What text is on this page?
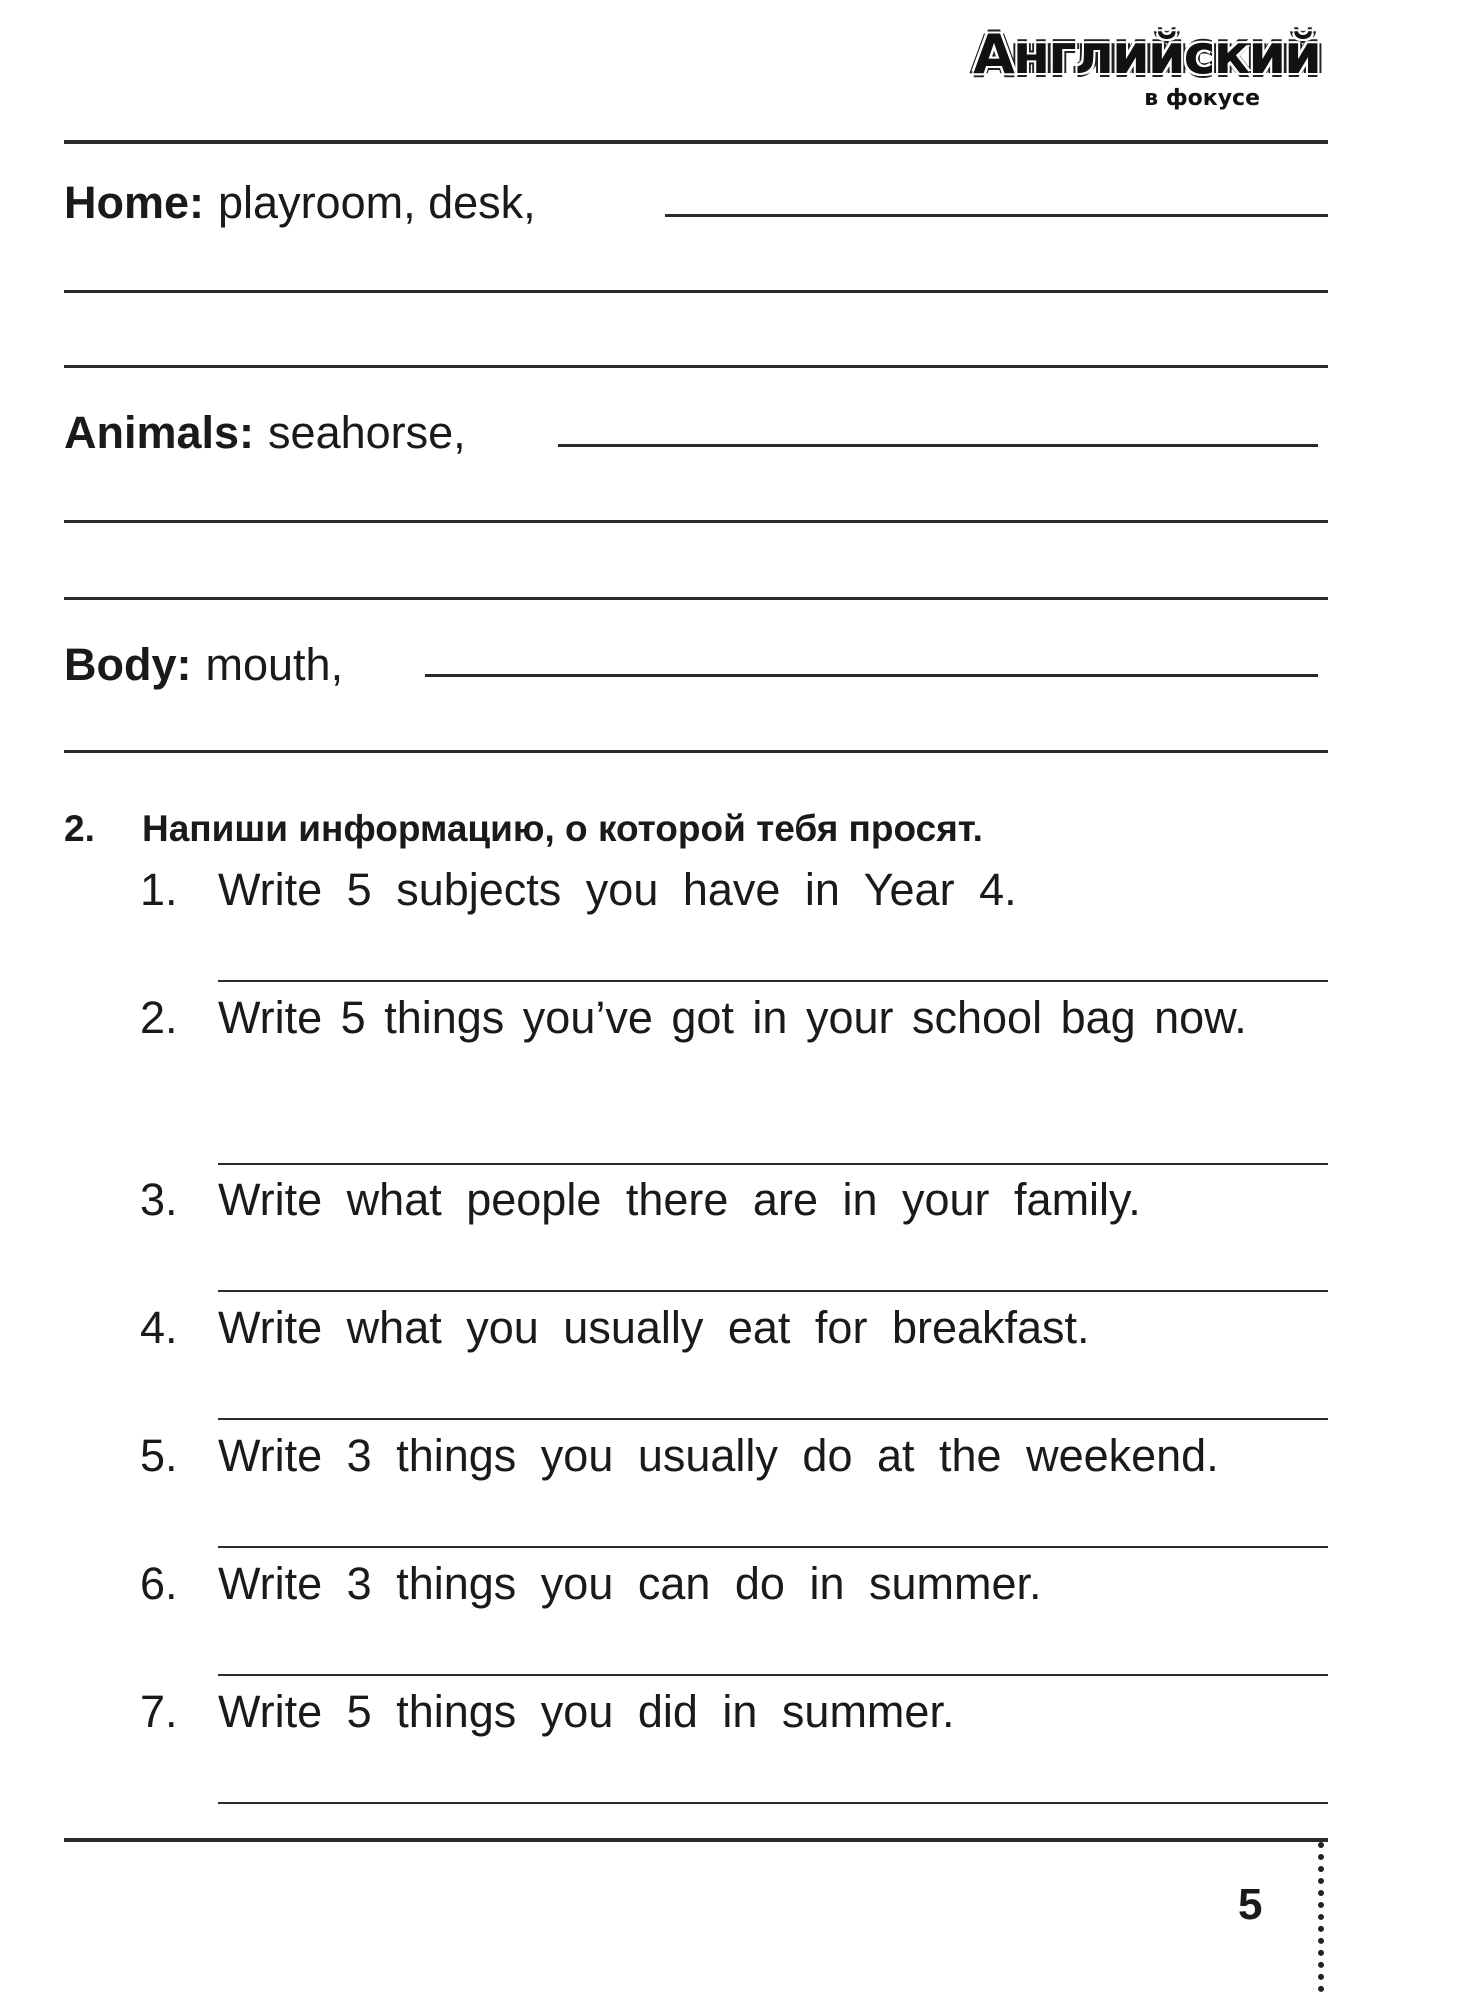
Английский
в фокусе
Home: playroom, desk,
Animals: seahorse,
Body: mouth,
2. Напиши информацию, о которой тебя просят.
1. Write 5 subjects you have in Year 4.
2. Write 5 things you’ve got in your school bag now.
3. Write what people there are in your family.
4. Write what you usually eat for breakfast.
5. Write 3 things you usually do at the weekend.
6. Write 3 things you can do in summer.
7. Write 5 things you did in summer.
5
